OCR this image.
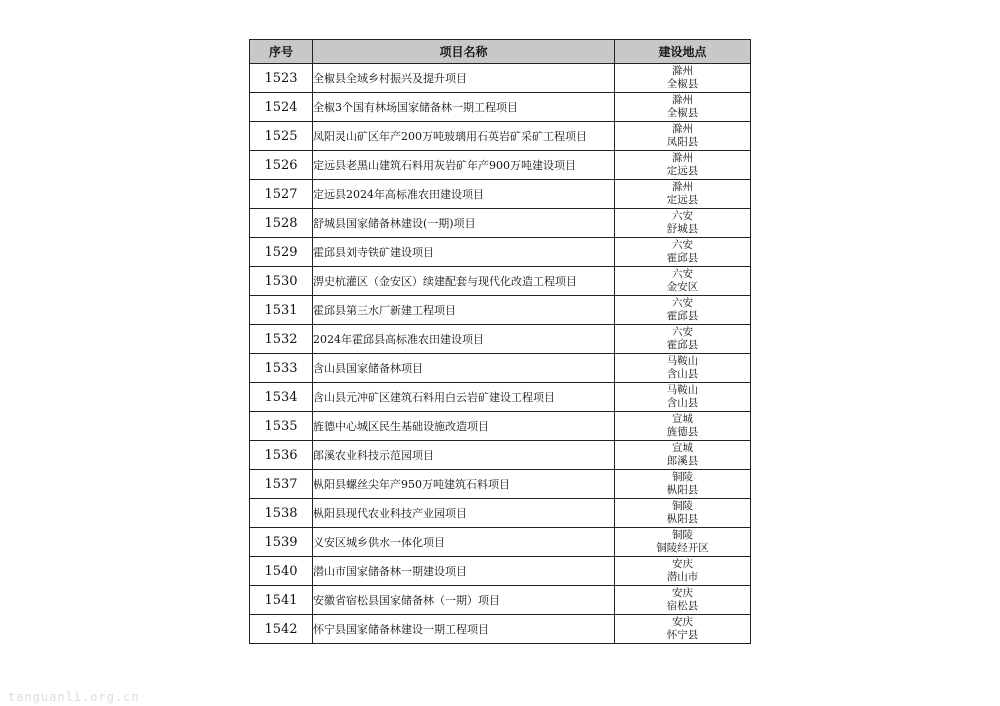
序号	项目名称	建设地点
1523	全椒县全域乡村振兴及提升项目	滁州
全椒县

1524	全椒3个国有林场国家储备林一期工程项目	滁州
全椒县

1525	凤阳灵山矿区年产200万吨玻璃用石英岩矿采矿工程项目	滁州
凤阳县

1526	定远县老黑山建筑石料用灰岩矿年产900万吨建设项目	滁州
定远县

1527	定远县2024年高标准农田建设项目	滁州
定远县

1528	舒城县国家储备林建设(一期)项目	六安
舒城县

1529	霍邱县刘寺铁矿建设项目	六安
霍邱县

1530	淠史杭灌区（金安区）续建配套与现代化改造工程项目	六安
金安区

1531	霍邱县第三水厂新建工程项目	六安
霍邱县

1532	2024年霍邱县高标准农田建设项目	六安
霍邱县

1533	含山县国家储备林项目	马鞍山
含山县

1534	含山县元冲矿区建筑石料用白云岩矿建设工程项目	马鞍山
含山县

1535	旌德中心城区民生基础设施改造项目	宣城
旌德县

1536	郎溪农业科技示范园项目	宣城
郎溪县

1537	枞阳县螺丝尖年产950万吨建筑石料项目	铜陵
枞阳县

1538	枞阳县现代农业科技产业园项目	铜陵
枞阳县

1539	义安区城乡供水一体化项目	铜陵
铜陵经开区

1540	潜山市国家储备林一期建设项目	安庆
潜山市

1541	安徽省宿松县国家储备林（一期）项目	安庆
宿松县

1542	怀宁县国家储备林建设一期工程项目	安庆
怀宁县
tanguanli.org.cn
